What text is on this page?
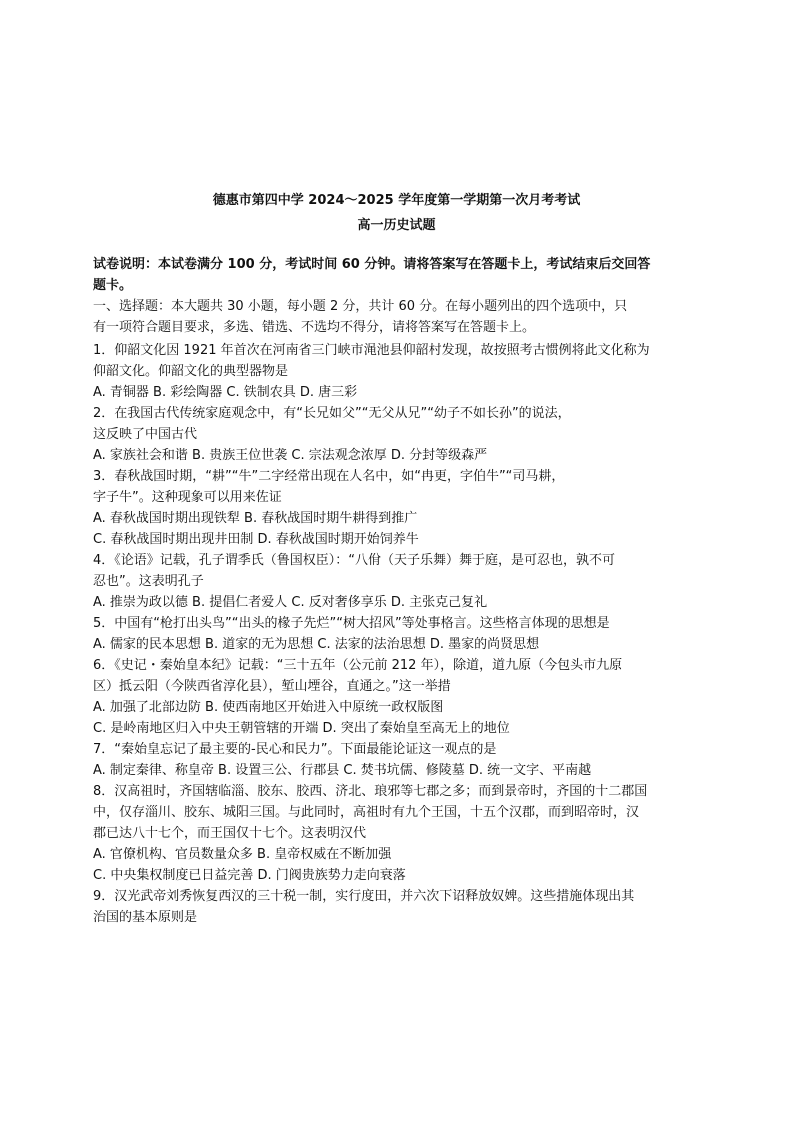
德惠市第四中学 2024～2025 学年度第一学期第一次月考考试
高一历史试题
试卷说明：本试卷满分 100 分，考试时间 60 分钟。请将答案写在答题卡上，考试结束后交回答
题卡。
一、选择题：本大题共 30 小题，每小题 2 分，共计 60 分。在每小题列出的四个选项中，只
有一项符合题目要求，多选、错选、不选均不得分，请将答案写在答题卡上。
1．仰韶文化因 1921 年首次在河南省三门峡市渑池县仰韶村发现，故按照考古惯例将此文化称为
仰韶文化。仰韶文化的典型器物是
A. 青铜器 B. 彩绘陶器 C. 铁制农具 D. 唐三彩
2．在我国古代传统家庭观念中，有“长兄如父”“无父从兄”“幼子不如长孙”的说法，
这反映了中国古代
A. 家族社会和谐 B. 贵族王位世袭 C. 宗法观念浓厚 D. 分封等级森严
3．春秋战国时期，“耕”“牛”二字经常出现在人名中，如“冉更，字伯牛”“司马耕，
字子牛”。这种现象可以用来佐证
A. 春秋战国时期出现铁犁 B. 春秋战国时期牛耕得到推广
C. 春秋战国时期出现井田制 D. 春秋战国时期开始饲养牛
4．《论语》记载，孔子谓季氏（鲁国权臣）：“八佾（天子乐舞）舞于庭，是可忍也，孰不可
忍也”。这表明孔子
A. 推崇为政以德 B. 提倡仁者爱人 C. 反对奢侈享乐 D. 主张克己复礼
5．中国有“枪打出头鸟”“出头的椽子先烂”“树大招风”等处事格言。这些格言体现的思想是
A. 儒家的民本思想 B. 道家的无为思想 C. 法家的法治思想 D. 墨家的尚贤思想
6．《史记・秦始皇本纪》记载：“三十五年（公元前 212 年），除道，道九原（今包头市九原
区）抵云阳（今陕西省淳化县），堑山堙谷，直通之。”这一举措
A. 加强了北部边防 B. 使西南地区开始进入中原统一政权版图
C. 是岭南地区归入中央王朝管辖的开端 D. 突出了秦始皇至高无上的地位
7．“秦始皇忘记了最主要的-民心和民力”。下面最能论证这一观点的是
A. 制定秦律、称皇帝 B. 设置三公、行郡县 C. 焚书坑儒、修陵墓 D. 统一文字、平南越
8．汉高祖时，齐国辖临淄、胶东、胶西、济北、琅邪等七郡之多；而到景帝时，齐国的十二郡国
中，仅存淄川、胶东、城阳三国。与此同时，高祖时有九个王国，十五个汉郡，而到昭帝时，汉
郡已达八十七个，而王国仅十七个。这表明汉代
A. 官僚机构、官员数量众多 B. 皇帝权威在不断加强
C. 中央集权制度已日益完善 D. 门阀贵族势力走向衰落
9．汉光武帝刘秀恢复西汉的三十税一制，实行度田，并六次下诏释放奴婢。这些措施体现出其
治国的基本原则是
